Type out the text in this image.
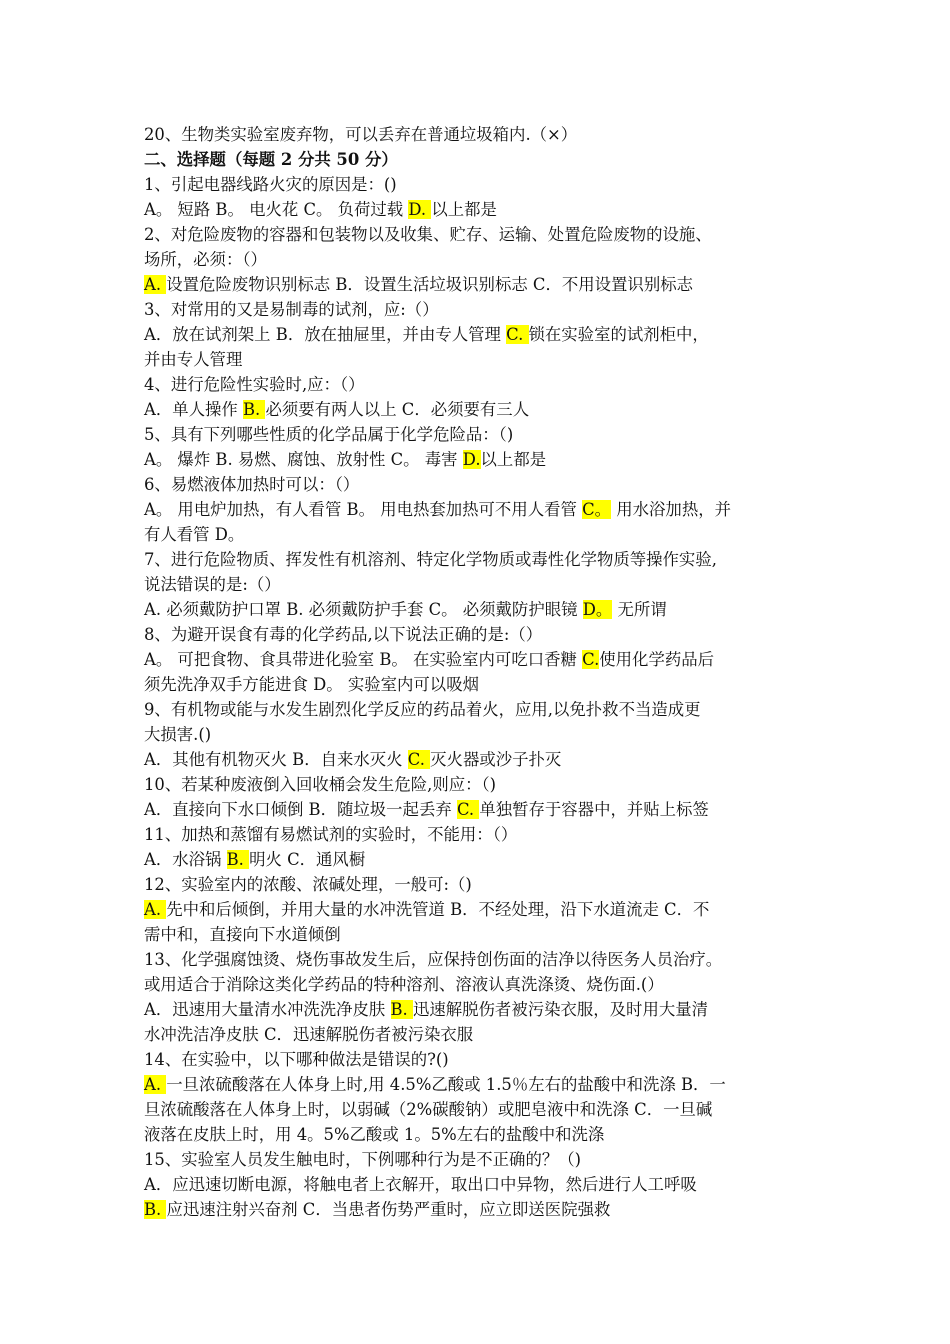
20、生物类实验室废弃物，可以丢弃在普通垃圾箱内.（×）
二、选择题（每题 2 分共 50 分）
1、引起电器线路火灾的原因是：()
A。 短路 B。 电火花 C。 负荷过载 D. 以上都是
2、对危险废物的容器和包装物以及收集、贮存、运输、处置危险废物的设施、
场所，必须：（）
A. 设置危险废物识别标志 B．设置生活垃圾识别标志 C．不用设置识别标志
3、对常用的又是易制毒的试剂，应:（）
A．放在试剂架上 B．放在抽屉里，并由专人管理 C. 锁在实验室的试剂柜中，
并由专人管理
4、进行危险性实验时,应：（）
A．单人操作 B. 必须要有两人以上 C．必须要有三人
5、具有下列哪些性质的化学品属于化学危险品：（)
A。 爆炸 B. 易燃、腐蚀、放射性 C。 毒害 D.以上都是
6、易燃液体加热时可以：（）
A。 用电炉加热，有人看管 B。 用电热套加热可不用人看管 C。 用水浴加热，并
有人看管 D。
7、进行危险物质、挥发性有机溶剂、特定化学物质或毒性化学物质等操作实验,
说法错误的是:（）
A. 必须戴防护口罩 B. 必须戴防护手套 C。 必须戴防护眼镜 D。 无所谓
8、为避开误食有毒的化学药品,以下说法正确的是:（）
A。 可把食物、食具带进化验室 B。 在实验室内可吃口香糖 C.使用化学药品后
须先洗净双手方能进食 D。 实验室内可以吸烟
9、有机物或能与水发生剧烈化学反应的药品着火，应用,以免扑救不当造成更
大损害.()
A．其他有机物灭火 B．自来水灭火 C. 灭火器或沙子扑灭
10、若某种废液倒入回收桶会发生危险,则应：（)
A．直接向下水口倾倒 B．随垃圾一起丢弃 C. 单独暂存于容器中，并贴上标签
11、加热和蒸馏有易燃试剂的实验时，不能用：（）
A．水浴锅 B. 明火 C．通风橱
12、实验室内的浓酸、浓碱处理，一般可:（)
A. 先中和后倾倒，并用大量的水冲洗管道 B．不经处理，沿下水道流走 C．不
需中和，直接向下水道倾倒
13、化学强腐蚀烫、烧伤事故发生后，应保持创伤面的洁净以待医务人员治疗。
或用适合于消除这类化学药品的特种溶剂、溶液认真洗涤烫、烧伤面.(）
A．迅速用大量清水冲洗洗净皮肤 B. 迅速解脱伤者被污染衣服，及时用大量清
水冲洗洁净皮肤 C．迅速解脱伤者被污染衣服
14、在实验中，以下哪种做法是错误的?()
A. 一旦浓硫酸落在人体身上时,用 4.5%乙酸或 1.5％左右的盐酸中和洗涤 B．一
旦浓硫酸落在人体身上时，以弱碱（2%碳酸钠）或肥皂液中和洗涤 C．一旦碱
液落在皮肤上时，用 4。5%乙酸或 1。5%左右的盐酸中和洗涤
15、实验室人员发生触电时，下例哪种行为是不正确的？（)
A．应迅速切断电源，将触电者上衣解开，取出口中异物，然后进行人工呼吸
B. 应迅速注射兴奋剂 C．当患者伤势严重时，应立即送医院强救
